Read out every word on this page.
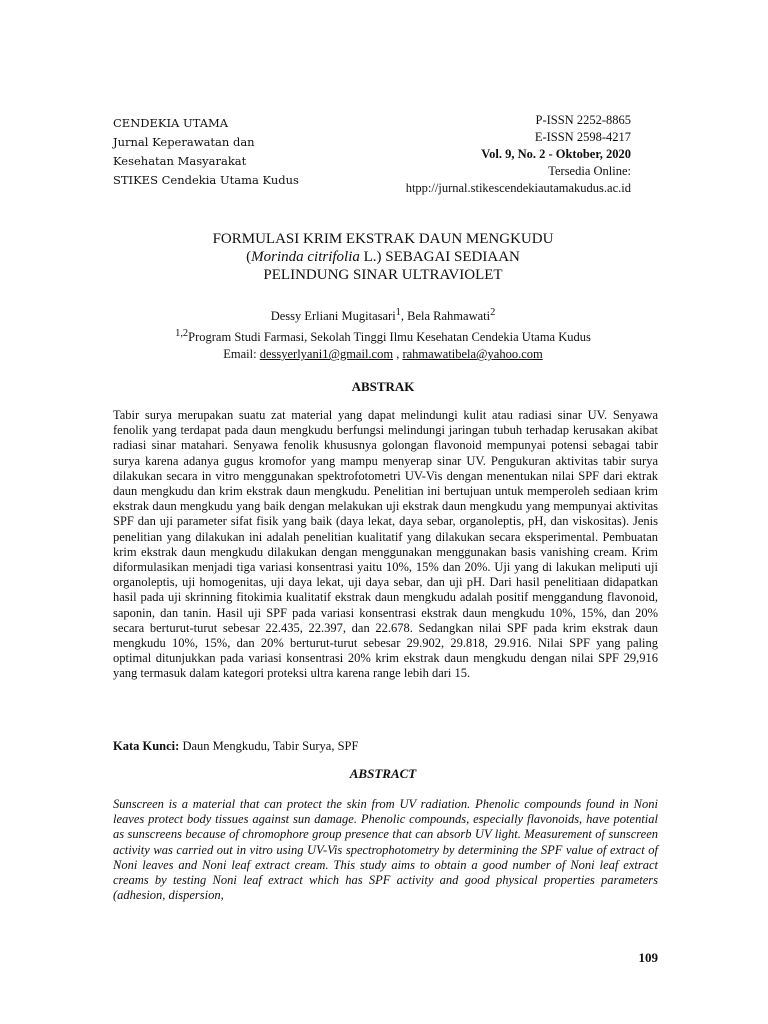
CENDEKIA UTAMA
Jurnal Keperawatan dan
Kesehatan Masyarakat
STIKES Cendekia Utama Kudus
P-ISSN 2252-8865
E-ISSN 2598-4217
Vol. 9, No. 2 - Oktober, 2020
Tersedia Online:
htpp://jurnal.stikescendekiautamakudus.ac.id
FORMULASI KRIM EKSTRAK DAUN MENGKUDU
(Morinda citrifolia L.) SEBAGAI SEDIAAN
PELINDUNG SINAR ULTRAVIOLET
Dessy Erliani Mugitasari$^1$, Bela Rahmawati$^2$
$^{1,2}$Program Studi Farmasi, Sekolah Tinggi Ilmu Kesehatan Cendekia Utama Kudus
Email: dessyerlyani1@gmail.com , rahmawatibela@yahoo.com
ABSTRAK
Tabir surya merupakan suatu zat material yang dapat melindungi kulit atau radiasi sinar UV. Senyawa fenolik yang terdapat pada daun mengkudu berfungsi melindungi jaringan tubuh terhadap kerusakan akibat radiasi sinar matahari. Senyawa fenolik khususnya golongan flavonoid mempunyai potensi sebagai tabir surya karena adanya gugus kromofor yang mampu menyerap sinar UV. Pengukuran aktivitas tabir surya dilakukan secara in vitro menggunakan spektrofotometri UV-Vis dengan menentukan nilai SPF dari ektrak daun mengkudu dan krim ekstrak daun mengkudu. Penelitian ini bertujuan untuk memperoleh sediaan krim ekstrak daun mengkudu yang baik dengan melakukan uji ekstrak daun mengkudu yang mempunyai aktivitas SPF dan uji parameter sifat fisik yang baik (daya lekat, daya sebar, organoleptis, pH, dan viskositas). Jenis penelitian yang dilakukan ini adalah penelitian kualitatif yang dilakukan secara eksperimental. Pembuatan krim ekstrak daun mengkudu dilakukan dengan menggunakan menggunakan basis vanishing cream. Krim diformulasikan menjadi tiga variasi konsentrasi yaitu 10%, 15% dan 20%. Uji yang di lakukan meliputi uji organoleptis, uji homogenitas, uji daya lekat, uji daya sebar, dan uji pH. Dari hasil penelitiaan didapatkan hasil pada uji skrinning fitokimia kualitatif ekstrak daun mengkudu adalah positif menggandung flavonoid, saponin, dan tanin. Hasil uji SPF pada variasi konsentrasi ekstrak daun mengkudu 10%, 15%, dan 20% secara berturut-turut sebesar 22.435, 22.397, dan 22.678. Sedangkan nilai SPF pada krim ekstrak daun mengkudu 10%, 15%, dan 20% berturut-turut sebesar 29.902, 29.818, 29.916. Nilai SPF yang paling optimal ditunjukkan pada variasi konsentrasi 20% krim ekstrak daun mengkudu dengan nilai SPF 29,916 yang termasuk dalam kategori proteksi ultra karena range lebih dari 15.
Kata Kunci: Daun Mengkudu, Tabir Surya, SPF
ABSTRACT
Sunscreen is a material that can protect the skin from UV radiation. Phenolic compounds found in Noni leaves protect body tissues against sun damage. Phenolic compounds, especially flavonoids, have potential as sunscreens because of chromophore group presence that can absorb UV light. Measurement of sunscreen activity was carried out in vitro using UV-Vis spectrophotometry by determining the SPF value of extract of Noni leaves and Noni leaf extract cream. This study aims to obtain a good number of Noni leaf extract creams by testing Noni leaf extract which has SPF activity and good physical properties parameters (adhesion, dispersion,
109
